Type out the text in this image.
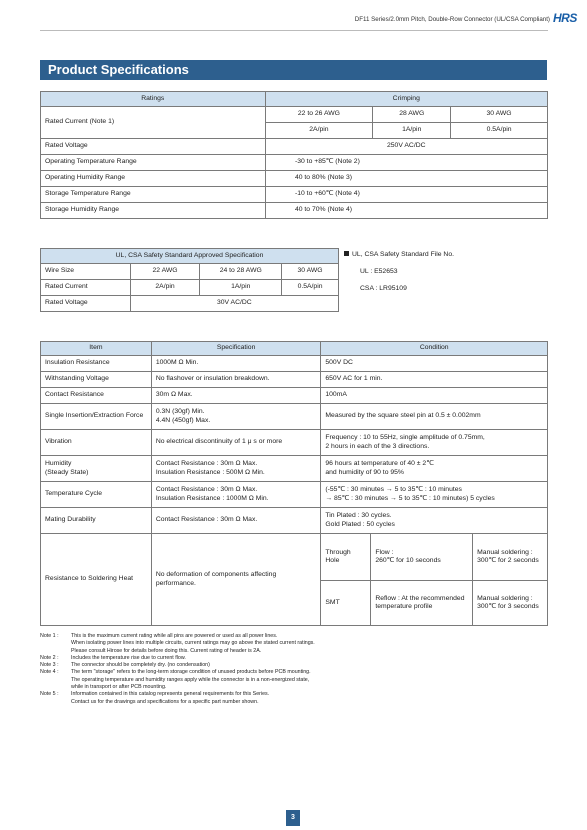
DF11 Series/2.0mm Pitch, Double-Row Connector (UL/CSA Compliant) HRS
Product Specifications
Ratings	Crimping			
Rated Current (Note 1)	22 to 26 AWG		28 AWG	30 AWG
	2A/pin		1A/pin	0.5A/pin
Rated Voltage	250V AC/DC			
Operating Temperature Range		-30 to +85℃ (Note 2)		
Operating Humidity Range		40 to 80% (Note 3)		
Storage Temperature Range		-10 to +60℃ (Note 4)		
Storage Humidity Range		40 to 70% (Note 4)		
UL, CSA Safety Standard Approved Specification			
Wire Size	22 AWG	24 to 28 AWG	30 AWG
Rated Current	2A/pin	1A/pin	0.5A/pin
Rated Voltage	30V AC/DC		
UL, CSA Safety Standard File No.
UL : E52653
CSA : LR95109
Item	Specification	Condition		
Insulation Resistance	1000M Ω Min.	500V DC		
Withstanding Voltage	No flashover or insulation breakdown.	650V AC for 1 min.		
Contact Resistance	30m Ω Max.	100mA		
Single Insertion/Extraction Force	0.3N (30gf) Min.
4.4N (450gf) Max.	Measured by the square steel pin at 0.5 ± 0.002mm		
Vibration	No electrical discontinuity of 1 μ s or more	Frequency : 10 to 55Hz, single amplitude of 0.75mm,
2 hours in each of the 3 directions.		
Humidity
(Steady State)	Contact Resistance : 30m Ω Max.
Insulation Resistance : 500M Ω Min.	96 hours at temperature of 40 ± 2℃
and humidity of 90 to 95%		
Temperature Cycle	Contact Resistance : 30m Ω Max.
Insulation Resistance : 1000M Ω Min.	(-55℃ : 30 minutes → 5 to 35℃ : 10 minutes
→ 85℃ : 30 minutes → 5 to 35℃ : 10 minutes) 5 cycles		
Mating Durability	Contact Resistance : 30m Ω Max.	Tin Plated : 30 cycles.
Gold Plated : 50 cycles		
Resistance to Soldering Heat	No deformation of components affecting performance.	Through Hole	Flow :
260℃ for 10 seconds	Manual soldering :
300℃ for 2 seconds
		SMT	Reflow : At the recommended temperature profile	Manual soldering :
300℃ for 3 seconds
Note 1 :	This is the maximum current rating while all pins are powered or used as all power lines.
When isolating power lines into multiple circuits, current ratings may go above the stated current ratings.
Please consult Hirose for details before doing this. Current rating of header is 2A.
Note 2 :	Includes the temperature rise due to current flow.
Note 3 :	The connector should be completely dry. (no condensation)
Note 4 :	The term "storage" refers to the long-term storage condition of unused products before PCB mounting.
The operating temperature and humidity ranges apply while the connector is in a non-energized state,
while in transport or after PCB mounting.
Note 5 :	Information contained in this catalog represents general requirements for this Series.
Contact us for the drawings and specifications for a specific part number shown.
3
